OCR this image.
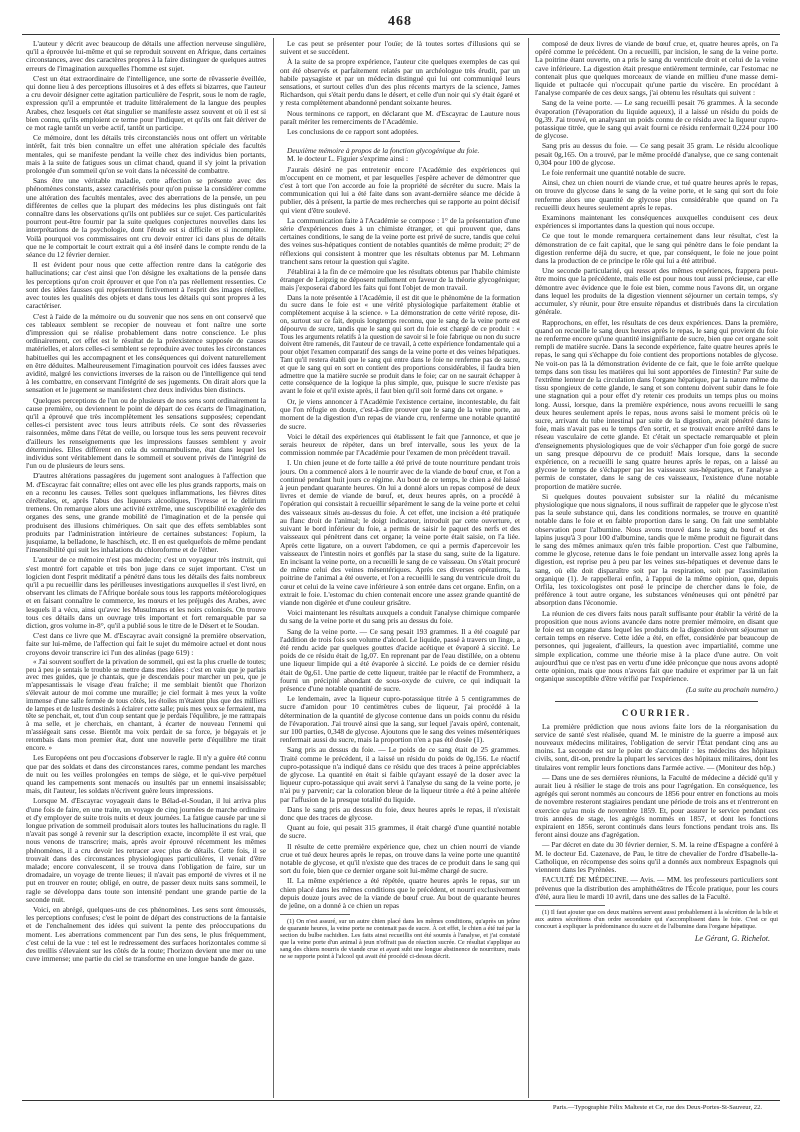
468

L'auteur y décrit avec beaucoup de détails une affection nerveuse singulière, qu'il a éprouvée lui-même et qui se reproduit souvent en Afrique, dans certaines circonstances, avec des caractères propres à la faire distinguer de quelques autres erreurs de l'imagination auxquelles l'homme est sujet.

C'est un état extraordinaire de l'intelligence, une sorte de rêvasserie éveillée, qui donne lieu à des perceptions illusoires et à des effets si bizarres, que l'auteur a cru devoir désigner cette agitation particulière de l'esprit, sous le nom de ragle, expression qu'il a empruntée et traduite littéralement de la langue des peuples Arabes, chez lesquels cet état singulier se manifeste assez souvent et où il est si bien connu, qu'ils emploient ce terme pour l'indiquer, et qu'ils ont fait dériver de ce mot ragle tantôt un verbe actif, tantôt un participe.

Ce mémoire, dont les détails très circonstanciés nous ont offert un véritable intérêt, fait très bien connaître un effet une altération spéciale des facultés mentales, qui se manifeste pendant la veille chez des individus bien portants, mais à la suite de fatigues sous un climat chaud, quand il s'y joint la privation prolongée d'un sommeil qu'on se voit dans la nécessité de combattre.

Sans être une véritable maladie, cette affection se présente avec des phénomènes constants, assez caractérisés pour qu'on puisse la considérer comme une altération des facultés mentales, avec des aberrations de la pensée, un peu différentes de celles que la plupart des médecins les plus distingués ont fait connaître dans les observations qu'ils ont publiées sur ce sujet. Ces particularités pourront peut-être fournir par la suite quelques conjectures nouvelles dans les interprétations de la psychologie, dont l'étude est si difficile et si incomplète. Voilà pourquoi vos commissaires ont cru devoir entrer ici dans plus de détails que ne le comportait le court extrait qui a été inséré dans le compte rendu de la séance du 12 février dernier.

Il est évident pour nous que cette affection rentre dans la catégorie des hallucinations; car c'est ainsi que l'on désigne les exaltations de la pensée dans les perceptions qu'on croit éprouver et que l'on n'a pas réellement ressenties. Ce sont des idées fausses qui représentent fictivement à l'esprit des images réelles, avec toutes les qualités des objets et dans tous les détails qui sont propres à les caractériser.

C'est à l'aide de la mémoire ou du souvenir que nos sens en ont conservé que ces tableaux semblent se recopier de nouveau et font naître une sorte d'impression qui se réalise probablement dans notre conscience. Le plus ordinairement, cet effet est le résultat de la préexistence supposée de causes matérielles, et alors celles-ci semblent se reproduire avec toutes les circonstances habituelles qui les accompagnent et les conséquences qui doivent naturellement en être déduites. Malheureusement l'imagination pourvoit ces idées fausses avec avidité, malgré les convictions inverses de la raison ou de l'intelligence qui tend à les combattre, en conservant l'intégrité de ses jugements. On dirait alors que la sensation et le jugement se manifestent chez deux individus bien distincts.

Quelques perceptions de l'un ou de plusieurs de nos sens sont ordinairement la cause première, ou deviennent le point de départ de ces écarts de l'imagination, qu'il a éprouvé que très incomplètement les sensations supposées; cependant celles-ci persistent avec tous leurs attributs réels. Ce sont des rêvasseries raisonnées, même dans l'état de veille, ou lorsque tous les sens peuvent recevoir d'ailleurs les renseignements que les impressions fausses semblent y avoir déterminées. Elles diffèrent en cela du somnambulisme, état dans lequel les individus sont véritablement dans le sommeil et souvent privés de l'intégrité de l'un ou de plusieurs de leurs sens.

D'autres altérations passagères du jugement sont analogues à l'affection que M. d'Escayrac fait connaître; elles ont avec elle les plus grands rapports, mais on en a reconnu les causes. Telles sont quelques inflammations, les fièvres dites cérébrales, et, après l'abus des liqueurs alcooliques, l'ivresse et le delirium tremens. On remarque alors une activité extrême, une susceptibilité exagérée des organes des sens, une grande mobilité de l'imagination et de la pensée qui produisent des illusions chimériques. On sait que des effets semblables sont produits par l'administration intérieure de certaines substances: l'opium, la jusquiame, la belladone, le haschisch, etc. Il en est quelquefois de même pendant l'insensibilité qui suit les inhalations du chloroforme et de l'éther.

L'auteur de ce mémoire n'est pas médecin; c'est un voyageur très instruit, qui s'est montré fort capable et très bon juge dans ce sujet important. C'est un logicien dont l'esprit méditatif a pénétré dans tous les détails des faits nombreux qu'il a pu recueillir dans les périlleuses investigations auxquelles il s'est livré, en observant les climats de l'Afrique boréale sous tous les rapports météorologiques et en faisant connaître le commerce, les mœurs et les préjugés des Arabes, avec lesquels il a vécu, ainsi qu'avec les Musulmans et les noirs colonisés. On trouve tous ces détails dans un ouvrage très important et fort remarquable par sa diction, gros volume in-8°, qu'il a publié sous le titre de le Désert et le Soudan.

C'est dans ce livre que M. d'Escayrac avait consigné la première observation, faite sur lui-même, de l'affection qui fait le sujet du mémoire actuel et dont nous croyons devoir transcrire ici l'un des alinéas (page 619) :

« J'ai souvent souffert de la privation de sommeil, qui est la plus cruelle de toutes; peu à peu je sentais le trouble se mettre dans mes idées : c'est en vain que je parlais avec mes guides, que je chantais, que je descendais pour marcher un peu, que je m'appesantissais le visage d'eau fraîche; il me semblait bientôt que l'horizon s'élevait autour de moi comme une muraille; je ciel formait à mes yeux la voûte immense d'une salle fermée de tous côtés, les étoiles m'étaient plus que des milliers de lampes et de lustres destinés à éclairer cette salle; puis mes yeux se fermaient, ma tête se penchait, et, tout d'un coup sentant que je perdais l'équilibre, je me rattrapais à ma selle, et je cherchais, en chantant, à écarter de nouveau l'ennemi qui m'assiégeait sans cesse. Bientôt ma voix perdait de sa force, je bégayais et je retombais dans mon premier état, dont une nouvelle perte d'équilibre me tirait encore. »

Les Européens ont peu d'occasions d'observer le ragle. Il n'y a guère été connu que par des soldats et dans des circonstances rares, comme pendant les marches de nuit ou les veilles prolongées en temps de siège, et le qui-vive perpétuel quand les campements sont menacés ou insultés par un ennemi insaisissable; mais, dit l'auteur, les soldats n'écrivent guère leurs impressions.

Lorsque M. d'Escayrac voyageait dans le Bélad-el-Soudan, il lui arriva plus d'une fois de faire, en une traite, un voyage de cinq journées de marche ordinaire et d'y employer de suite trois nuits et deux journées. La fatigue causée par une si longue privation de sommeil produisait alors toutes les hallucinations du ragle. Il n'avait pas songé à revenir sur la description exacte, incomplète il est vrai, que nous venons de transcrire; mais, après avoir éprouvé récemment les mêmes phénomènes, il a cru devoir les retracer avec plus de détails. Cette fois, il se trouvait dans des circonstances physiologiques particulières, il venait d'être malade; encore convalescent, il se trouva dans l'obligation de faire, sur un dromadaire, un voyage de trente lieues; il n'avait pas emporté de vivres et il ne put en trouver en route; obligé, en outre, de passer deux nuits sans sommeil, le ragle se développa dans toute son intensité pendant une grande partie de la seconde nuit.

Voici, en abrégé, quelques-uns de ces phénomènes. Les sens sont émoussés, les perceptions confuses; c'est le point de départ des constructions de la fantaisie et de l'enchaînement des idées qui suivent la pente des préoccupations du moment. Les aberrations commencent par l'un des sens, le plus fréquemment, c'est celui de la vue : tel est le redressement des surfaces horizontales comme si des treillis s'élevaient sur les côtés de la route; l'horizon devient une mer ou une cuve immense; une partie du ciel se transforme en une longue bande de gaze.

Le cas peut se présenter pour l'ouïe; de là toutes sortes d'illusions qui se suivent et se succèdent.

À la suite de sa propre expérience, l'auteur cite quelques exemples de cas qui ont été observés et parfaitement relatés par un archéologue très érudit, par un habile paysagiste et par un médecin distingué qui lui ont communiqué leurs sensations, et surtout celles d'un des plus récents martyrs de la science, James Richardson, qui s'était perdu dans le désert, et celle d'un noir qui s'y était égaré et y resta complètement abandonné pendant soixante heures.

Nous terminons ce rapport, en déclarant que M. d'Escayrac de Lauture nous paraît mériter les remerciments de l'Académie.

Les conclusions de ce rapport sont adoptées.

Deuxième mémoire à propos de la fonction glycogénique du foie.

M. le docteur L. Figuier s'exprime ainsi :

J'aurais désiré ne pas entretenir encore l'Académie des expériences qui m'occupent en ce moment, et par lesquelles j'espère achever de démontrer que c'est à tort que l'on accorde au foie la propriété de sécréter du sucre. Mais la communication qui lui a été faite dans son avant-dernière séance me décide à publier, dès à présent, la partie de mes recherches qui se rapporte au point décisif qui vient d'être soulevé.

La communication faite à l'Académie se compose : 1° de la présentation d'une série d'expériences dues à un chimiste étranger, et qui prouvent que, dans certaines conditions, le sang de la veine porte est privé de sucre, tandis que celui des veines sus-hépatiques contient de notables quantités de même produit; 2° de réflexions qui consistent à montrer que les résultats obtenus par M. Lehmann tranchent sans retour la question qui s'agite.

J'établirai à la fin de ce mémoire que les résultats obtenus par l'habile chimiste étranger de Leipzig ne déposent nullement en faveur de la théorie glycogénique; mais j'exposerai d'abord les faits qui font l'objet de mon travail.

Dans la note présentée à l'Académie, il est dit que le phénomène de la formation du sucre dans le foie est « une vérité physiologique parfaitement établie et complètement acquise à la science. » La démonstration de cette vérité repose, dit-on, surtout sur ce fait, depuis longtemps reconnu, que le sang de la veine porte est dépourvu de sucre, tandis que le sang qui sort du foie est chargé de ce produit : « Tous les arguments relatifs à la question de savoir si le foie fabrique ou non du sucre doivent être ramenés, dit l'auteur de ce travail, à cette expérience fondamentale qui a pour objet l'examen comparatif des sangs de la veine porte et des veines hépatiques. Tant qu'il restera établi que le sang qui entre dans le foie ne renferme pas de sucre, et que le sang qui en sort en contient des proportions considérables, il faudra bien admettre que la matière sucrée se produit dans le foie; car on ne saurait échapper à cette conséquence de la logique la plus simple, que, puisque le sucre n'existe pas avant le foie et qu'il existe après, il faut bien qu'il soit formé dans cet organe. »

Or, je viens annoncer à l'Académie l'existence certaine, incontestable, du fait que l'on réfugie en doute, c'est-à-dire prouver que le sang de la veine porte, au moment de la digestion d'un repas de viande cru, renferme une notable quantité de sucre.

Voici le détail des expériences qui établissent le fait que j'annonce, et que je serais heureux de répéter, dans un bref intervalle, sous les yeux de la commission nommée par l'Académie pour l'examen de mon précédent travail.

I. Un chien jeune et de forte taille a été privé de toute nourriture pendant trois jours. On a commencé alors à le nourrir avec de la viande de bœuf crue, et l'on a continué pendant huit jours ce régime. Au bout de ce temps, le chien a été laissé à jeun pendant quarante heures. On lui a donné alors un repas composé de deux livres et demie de viande de bœuf, et, deux heures après, on a procédé à l'opération qui consistait à recueillir séparément le sang de la veine porte et celui des vaisseaux situés au-dessus du foie. À cet effet, une incision a été pratiquée au flanc droit de l'animal; le doigt indicateur, introduit par cette ouverture, et suivant le bord inférieur du foie, a permis de saisir le paquet des nerfs et des vaisseaux qui pénètrent dans cet organe; la veine porte était saisie, on l'a liée. Après cette ligature, on a ouvert l'abdomen, ce qui a permis d'apercevoir les vaisseaux de l'intestin noirs et gonflés par la stase du sang, suite de la ligature. En incisant la veine porte, on a recueilli le sang de ce vaisseau. On s'était procuré de même celui des veines mésentériques. Après ces diverses opérations, la poitrine de l'animal a été ouverte, et l'on a recueilli le sang du ventricule droit du cœur et celui de la veine cave inférieure à son entrée dans cet organe. Enfin, on a extrait le foie. L'estomac du chien contenait encore une assez grande quantité de viande non digérée et d'une couleur grisâtre.

Voici maintenant les résultats auxquels a conduit l'analyse chimique comparée du sang de la veine porte et du sang pris au dessus du foie.

Sang de la veine porte. — Ce sang pesait 193 grammes. Il a été coagulé par l'addition de trois fois son volume d'alcool. Le liquide, passé à travers un linge, a été rendu acide par quelques gouttes d'acide acétique et évaporé à siccité. Le poids de ce résidu était de 1g,07. En reprenant par de l'eau distillée, on a obtenu une liqueur limpide qui a été évaporée à siccité. Le poids de ce dernier résidu était de 0g,61. Une partie de cette liqueur, traitée par le réactif de Frommherz, a fourni un précipité abondant de sous-oxyde de cuivre, ce qui indiquait la présence d'une notable quantité de sucre.

Le lendemain, avec la liqueur cupro-potassique titrée à 5 centigrammes de sucre d'amidon pour 10 centimètres cubes de liqueur, j'ai procédé à la détermination de la quantité de glycose contenue dans un poids connu du résidu de l'évaporation. J'ai trouvé ainsi que la sang, sur lequel j'avais opéré, contenait, sur 100 parties, 0,348 de glycose. Ajoutons que le sang des veines mésentériques renfermait aussi du sucre, mais la proportion n'en a pas été dosée (1).

Sang pris au dessus du foie. — Le poids de ce sang était de 25 grammes. Traité comme le précédent, il a laissé un résidu du poids de 0g,156. Le réactif cupro-potassique n'a indiqué dans ce résidu que des traces à peine appréciables de glycose. La quantité en était si faible qu'ayant essayé de la doser avec la liqueur cupro-potassique qui avait servi à l'analyse du sang de la veine porte, je n'ai pu y parvenir; car la coloration bleue de la liqueur titrée a été à peine altérée par l'affusion de la presque totalité du liquide.

Dans le sang pris au dessus du foie, deux heures après le repas, il n'existait donc que des traces de glycose.

Quant au foie, qui pesait 315 grammes, il était chargé d'une quantité notable de sucre.

Il résulte de cette première expérience que, chez un chien nourri de viande crue et tué deux heures après le repas, on trouve dans la veine porte une quantité notable de glycose, et qu'il n'existe que des traces de ce produit dans le sang qui sort du foie, bien que ce dernier organe soit lui-même chargé de sucre.

II. La même expérience a été répétée, quatre heures après le repas, sur un chien placé dans les mêmes conditions que le précédent, et nourri exclusivement depuis douze jours avec de la viande de bœuf crue. Au bout de quarante heures de jeûne, on a donné à ce chien un repas

(1) On n'est assuré, sur un autre chien placé dans les mêmes conditions, qu'après un jeûne de quarante heures, la veine porte ne contenait pas de sucre. À cet effet, le chien a été tué par la section du bulbe rachidien. Les faits ainsi recueillis ont été soumis à l'analyse, et j'ai constaté que la veine porte d'un animal à jeun n'offrait pas de réaction sucrée. Ce résultat s'applique au sang des chiens nourris de viande crue et ayant subi une longue abstinence de nourriture, mais ne se rapporte point à l'alcool qui avait été procédé ci-dessus décrit.

composé de deux livres de viande de bœuf crue, et, quatre heures après, on l'a opéré comme le précédent. On a recueilli, par incision, le sang de la veine porte. La poitrine étant ouverte, on a pris le sang du ventricule droit et celui de la veine cave inférieure. La digestion était presque entièrement terminée, car l'estomac ne contenait plus que quelques morceaux de viande en millieu d'une masse demi-liquide et pultacée qui n'occupait qu'une partie du viscère. En procédant à l'analyse comparée de ces deux sangs, j'ai obtenu les résultats qui suivent :

Sang de la veine porte. — Le sang recueilli pesait 76 grammes. À la seconde évaporation (l'évaporation du liquide aqueux), il a laissé un résidu du poids de 0g,39. J'ai trouvé, en analysant un poids connu de ce résidu avec la liqueur cupro-potassique titrée, que le sang qui avait fourni ce résidu renfermait 0,224 pour 100 de glycose.

Sang pris au dessus du foie. — Ce sang pesait 35 gram. Le résidu alcoolique pesait 0g,165. On a trouvé, par le même procédé d'analyse, que ce sang contenait 0,304 pour 100 de glycose.

Le foie renfermait une quantité notable de sucre.

Ainsi, chez un chien nourri de viande crue, et tué quatre heures après le repas, on trouve du glycose dans le sang de la veine porte, et le sang qui sort du foie renferme alors une quantité de glycose plus considérable que quand on l'a recueilli deux heures seulement après le repas.

Examinons maintenant les conséquences auxquelles conduisent ces deux expériences si importantes dans la question qui nous occupe.

Ce que tout le monde remarquera certainement dans leur résultat, c'est la démonstration de ce fait capital, que le sang qui pénètre dans le foie pendant la digestion renferme déjà du sucre, et que, par conséquent, le foie ne joue point dans la production de ce principe le rôle qui lui a été attribué.

Une seconde particularité, qui ressort des mêmes expériences, frappera peut-être moins que la précédente, mais elle est pour nous tout aussi précieuse, car elle démontre avec évidence que le foie est bien, comme nous l'avons dit, un organe dans lequel les produits de la digestion viennent séjourner un certain temps, s'y accumuler, s'y réunir, pour être ensuite répandus et distribués dans la circulation générale.

Rapprochons, en effet, les résultats de ces deux expériences. Dans la première, quand on recueille le sang deux heures après le repas, le sang qui provient du foie ne renferme encore qu'une quantité insignifiante de sucre, bien que cet organe soit rempli de matière sucrée. Dans la seconde expérience, faite quatre heures après le repas, le sang qui s'échappe du foie contient des proportions notables de glycose. Ne voit-on pas là la démonstration évidente de ce fait, que le foie arrête quelque temps dans son tissu les matières qui lui sont apportées de l'intestin? Par suite de l'extrême lenteur de la circulation dans l'organe hépatique, par la nature même du tissu spongieux de cette glande, le sang et son contenu doivent subir dans le foie une stagnation qui a pour effet d'y retenir ces produits un temps plus ou moins long. Aussi, lorsque, dans la première expérience, nous avons recueilli le sang deux heures seulement après le repas, nous avons saisi le moment précis où le sucre, arrivant du tube intestinal par suite de la digestion, avait pénétré dans le foie, mais n'avait pas eu le temps d'en sortir, et se trouvait encore arrêté dans le réseau vasculaire de cette glande. Et c'était un spectacle remarquable et plein d'enseignements physiologiques que de voir s'échapper d'un foie gorgé de sucre un sang presque dépourvu de ce produit! Mais lorsque, dans la seconde expérience, on a recueilli le sang quatre heures après le repas, on a laissé au glycose le temps de s'échapper par les vaisseaux sus-hépatiques, et l'analyse a permis de constater, dans le sang de ces vaisseaux, l'existence d'une notable proportion de matière sucrée.

Si quelques doutes pouvaient subsister sur la réalité du mécanisme physiologique que nous signalons, il nous suffirait de rappeler que le glycose n'est pas la seule substance qui, dans les conditions normales, se trouve en quantité notable dans le foie et en faible proportion dans le sang. On fait une semblable observation pour l'albumine. Nous avons trouvé dans le sang du bœuf et des lapins jusqu'à 3 pour 100 d'albumine, tandis que le même produit ne figurait dans le sang des mêmes animaux qu'en très faible proportion. C'est que l'albumine, comme le glycose, retenue dans le foie pendant un intervalle assez long après la digestion, est reprise peu à peu par les veines sus-hépatiques et devenue dans le sang, où elle doit disparaître soit par la respiration, soit par l'assimilation organique (1). Je rappellerai enfin, à l'appui de la même opinion, que, depuis Orfila, les toxicologistes ont posé le principe de chercher dans le foie, de préférence à tout autre organe, les substances vénéneuses qui ont pénétré par absorption dans l'économie.

La réunion de ces divers faits nous paraît suffisante pour établir la vérité de la proposition que nous avions avancée dans notre premier mémoire, en disant que le foie est un organe dans lequel les produits de la digestion doivent séjourner un certain temps en réserve. Cette idée a été, en effet, considérée par beaucoup de personnes, qui jugeaient, d'ailleurs, la question avec impartialité, comme une simple explication, comme une théorie mise à la place d'une autre. On voit aujourd'hui que ce n'est pas en vertu d'une idée préconçue que nous avons adopté cette opinion, mais que nous n'avons fait que traduire et exprimer par là un fait organique susceptible d'être vérifié par l'expérience.

(La suite au prochain numéro.)

COURRIER.

La première prédiction que nous avions faite lors de la réorganisation du service de santé s'est réalisée, quand M. le ministre de la guerre a imposé aux nouveaux médecins militaires, l'obligation de servir l'État pendant cinq ans au moins. La seconde est sur le point de s'accomplir : les médecins des hôpitaux civils, sont, dit-on, prendre la plupart les services des hôpitaux militaires, dont les titulaires vont remplir leurs fonctions dans l'armée active. — (Moniteur des hôp.)

— Dans une de ses dernières réunions, la Faculté de médecine a décidé qu'il y aurait lieu à résilier le stage de trois ans pour l'agrégation. En conséquence, les agrégés qui seront nommés au concours de 1856 pour entrer en fonctions au mois de novembre resteront stagiaires pendant une période de trois ans et n'entreront en exercice qu'au mois de novembre 1859. Et, pour assurer le service pendant ces trois années de stage, les agrégés nommés en 1857, et dont les fonctions expiraient en 1856, seront continués dans leurs fonctions pendant trois ans. Ils feront ainsi douze ans d'agrégation.

— Par décret en date du 30 février dernier, S. M. la reine d'Espagne a conféré à M. le docteur Ed. Cazenave, de Pau, le titre de chevalier de l'ordre d'Isabelle-la-Catholique, en récompense des soins qu'il a donnés aux nombreux Espagnols qui viennent dans les Pyrénées.

FACULTÉ DE MÉDECINE. — Avis. — MM. les professeurs particuliers sont prévenus que la distribution des amphithéâtres de l'École pratique, pour les cours d'été, aura lieu le mardi 10 avril, dans une des salles de la Faculté.

(1) Il faut ajouter que ces deux matières servent aussi probablement à la sécrétion de la bile et aux autres sécrétions d'un ordre secondaire qui s'accomplissent dans le foie. C'est ce qui concourt à expliquer la prédominance du sucre et de l'albumine dans l'organe hépatique.

Le Gérant, G. Richelot.
Paris.—Typographie Félix Malteste et Ce, rue des Deux-Portes-St-Sauveur, 22.
